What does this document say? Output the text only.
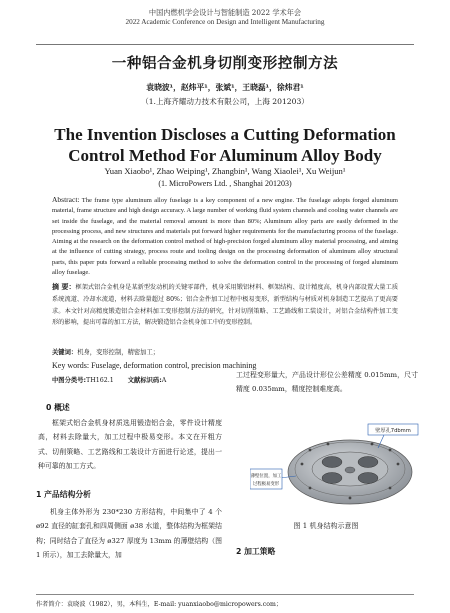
中国内燃机学会设计与智能制造 2022 学术年会
2022 Academic Conference on Design and Intelligent Manufacturing
一种铝合金机身切削变形控制方法
袁晓波¹，赵炜平¹，张斌¹，王晓磊¹，徐炜君¹
（1.上海齐耀动力技术有限公司，上海 201203）
The Invention Discloses a Cutting Deformation
Control Method For Aluminum Alloy Body
Yuan Xiaobo¹, Zhao Weiping¹, Zhangbin¹, Wang Xiaolei¹, Xu Weijun¹
(1. MicroPowers Ltd. , Shanghai 201203)
Abstract: The frame type aluminum alloy fuselage is a key component of a new engine. The fuselage adopts forged aluminum material, frame structure and high design accuracy. A large number of working fluid system channels and cooling water channels are set inside the fuselage, and the material removal amount is more than 80%; Aluminum alloy parts are easily deformed in the processing process, and new structures and materials put forward higher requirements for the manufacturing process of the fuselage. Aiming at the research on the deformation control method of high-precision forged aluminum alloy material processing, and aiming at the influence of cutting strategy, process route and tooling design on the processing deformation of aluminum alloy structural parts, this paper puts forward a reliable processing method to solve the deformation control in the processing of forged aluminum alloy fuselage.
摘 要：框架式铝合金机身是某新型发动机的关键零部件，机身采用锻铝材料、框架结构、设计精度高，机身内部设置大量工质系统流道、冷却水流道，材料去除量超过 80%；铝合金件加工过程中极易变形，新型结构与材质对机身制造工艺提出了更高要求。本文针对高精度锻造铝合金材料加工变形控制方法的研究，针对切削策略、工艺路线和工装设计，对铝合金结构件加工变形的影响，提出可靠的加工方法，解决锻造铝合金机身加工中的变形控制。
关键词：机身，变形控制，精密加工；
Key words: Fuselage, deformation control, precision machining
中图分类号:TH162.1 文献标识码:A
0 概述
框架式铝合金机身材质选用锻造铝合金，零件设计精度高，材料去除量大，加工过程中极易变形。本文在开粗方式、切削策略、工艺路线和工装设计方面进行论述，提出一种可靠的加工方式。
1 产品结构分析
机身主体外形为 230*230 方形结构，中间集中了 4 个 ø92 直径的缸套孔和四周侧面 ø38 水道，整体结构为框架结构；同时结合了直径为 ø327 厚度为 13mm 的薄壁结构（图 1 所示），加工去除量大，加
工过程变形量大，产品设计形位公差精度 0.015mm，尺寸精度 0.035mm，精度控制难度高。
壁厚孔7dbmm
薄壁位置，加工
过程极易变形
图 1 机身结构示意图
2 加工策略
作者简介：袁晓波（1982），男，本科生，E-mail: yuanxiaobo@micropowers.com；
